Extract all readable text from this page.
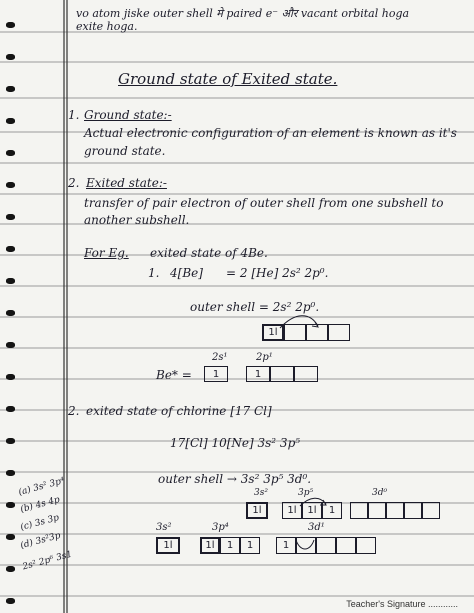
vo atom jiske outer shell मे paired e⁻ और vacant orbital hoga
exite hoga.
Ground state of Exited state.
1. Ground state:-
Actual electronic configuration of an element is known as it's
ground state.
2. Exited state:-
transfer of pair electron of outer shell from one subshell to
another subshell.
For Eg. exited state of 4Be.
1. 4[Be] = 2 [He] 2s² 2p⁰.
outer shell = 2s² 2p⁰.
1l
2s¹	2p¹
Be* =	1	1
2. exited state of chlorine [17 Cl]
17[Cl] 10[Ne] 3s² 3p⁵
outer shell → 3s² 3p⁵ 3d⁰.
3s²	3p⁵	3d⁰
1l	1l	1l	1
3s²	3p⁴	3d¹
1l	1l	1	1	1
(a) 3s² 3p⁴
(b) 4s 4p
(c) 3s 3p
(d) 3s²3p
2s² 2p⁶ 3s1
Teacher's Signature ............
